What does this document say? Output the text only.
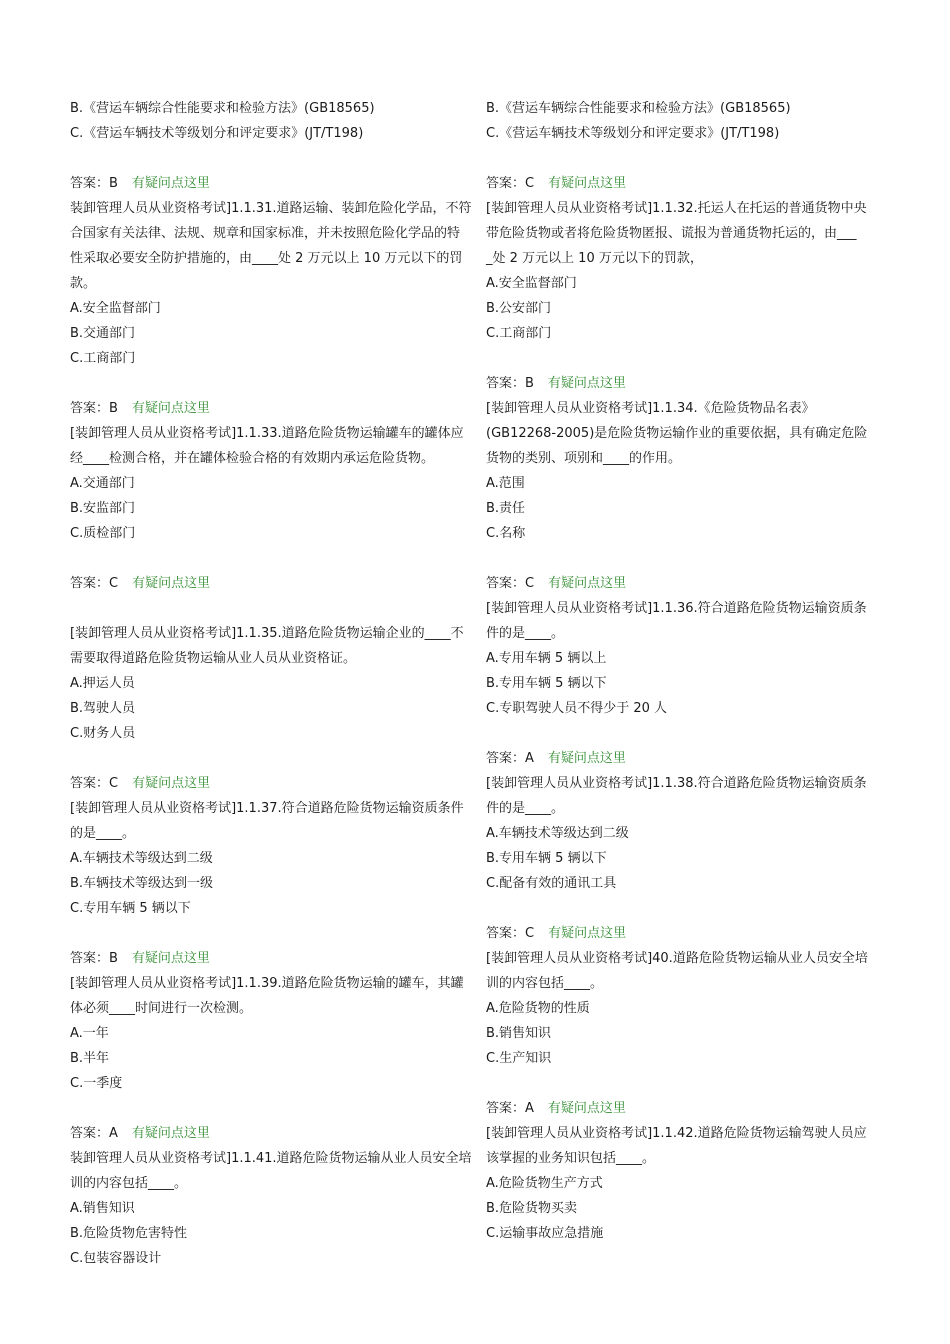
B.《营运车辆综合性能要求和检验方法》(GB18565)
C.《营运车辆技术等级划分和评定要求》(JT/T198)
答案：B 有疑问点这里
装卸管理人员从业资格考试]1.1.31.道路运输、装卸危险化学品，不符
合国家有关法律、法规、规章和国家标准，并未按照危险化学品的特
性采取必要安全防护措施的，由____处 2 万元以上 10 万元以下的罚
款。
A.安全监督部门
B.交通部门
C.工商部门
答案：B 有疑问点这里
[装卸管理人员从业资格考试]1.1.33.道路危险货物运输罐车的罐体应
经____检测合格，并在罐体检验合格的有效期内承运危险货物。
A.交通部门
B.安监部门
C.质检部门
答案：C 有疑问点这里
[装卸管理人员从业资格考试]1.1.35.道路危险货物运输企业的____不
需要取得道路危险货物运输从业人员从业资格证。
A.押运人员
B.驾驶人员
C.财务人员
答案：C 有疑问点这里
[装卸管理人员从业资格考试]1.1.37.符合道路危险货物运输资质条件
的是____。
A.车辆技术等级达到二级
B.车辆技术等级达到一级
C.专用车辆 5 辆以下
答案：B 有疑问点这里
[装卸管理人员从业资格考试]1.1.39.道路危险货物运输的罐车，其罐
体必须____时间进行一次检测。
A.一年
B.半年
C.一季度
答案：A 有疑问点这里
装卸管理人员从业资格考试]1.1.41.道路危险货物运输从业人员安全培
训的内容包括____。
A.销售知识
B.危险货物危害特性
C.包装容器设计
B.《营运车辆综合性能要求和检验方法》(GB18565)
C.《营运车辆技术等级划分和评定要求》(JT/T198)
答案：C 有疑问点这里
[装卸管理人员从业资格考试]1.1.32.托运人在托运的普通货物中央
带危险货物或者将危险货物匿报、谎报为普通货物托运的，由___
_处 2 万元以上 10 万元以下的罚款，
A.安全监督部门
B.公安部门
C.工商部门
答案：B 有疑问点这里
[装卸管理人员从业资格考试]1.1.34.《危险货物品名表》
(GB12268-2005)是危险货物运输作业的重要依据，具有确定危险
货物的类别、项别和____的作用。
A.范围
B.责任
C.名称
答案：C 有疑问点这里
[装卸管理人员从业资格考试]1.1.36.符合道路危险货物运输资质条
件的是____。
A.专用车辆 5 辆以上
B.专用车辆 5 辆以下
C.专职驾驶人员不得少于 20 人
答案：A 有疑问点这里
[装卸管理人员从业资格考试]1.1.38.符合道路危险货物运输资质条
件的是____。
A.车辆技术等级达到二级
B.专用车辆 5 辆以下
C.配备有效的通讯工具
答案：C 有疑问点这里
[装卸管理人员从业资格考试]40.道路危险货物运输从业人员安全培
训的内容包括____。
A.危险货物的性质
B.销售知识
C.生产知识
答案：A 有疑问点这里
[装卸管理人员从业资格考试]1.1.42.道路危险货物运输驾驶人员应
该掌握的业务知识包括____。
A.危险货物生产方式
B.危险货物买卖
C.运输事故应急措施
